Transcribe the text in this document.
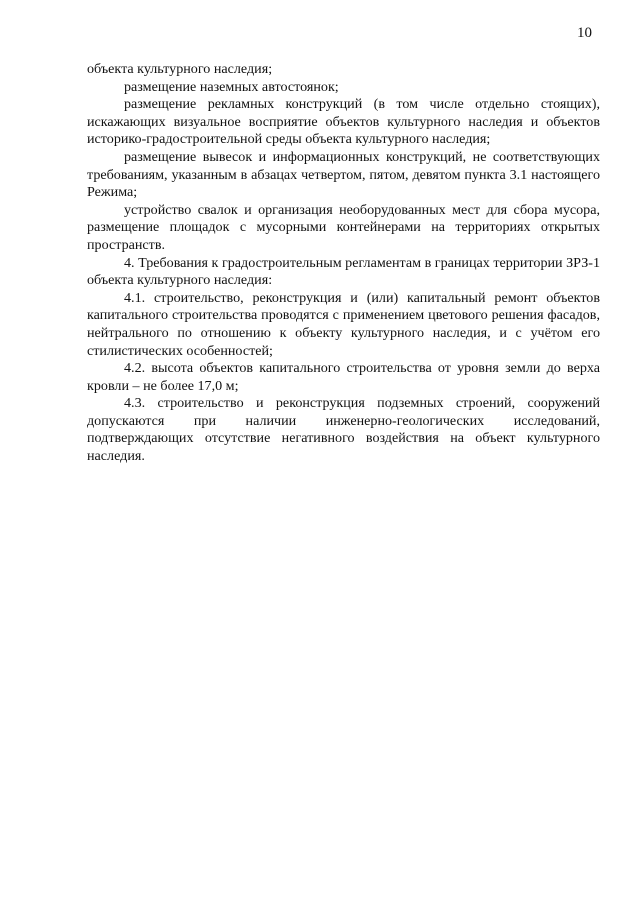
10

объекта культурного наследия;

размещение наземных автостоянок;

размещение рекламных конструкций (в том числе отдельно стоящих), искажающих визуальное восприятие объектов культурного наследия и объектов историко-градостроительной среды объекта культурного наследия;

размещение вывесок и информационных конструкций, не соответствующих требованиям, указанным в абзацах четвертом, пятом, девятом пункта 3.1 настоящего Режима;

устройство свалок и организация необорудованных мест для сбора мусора, размещение площадок с мусорными контейнерами на территориях открытых пространств.

4. Требования к градостроительным регламентам в границах территории ЗРЗ-1 объекта культурного наследия:

4.1. строительство, реконструкция и (или) капитальный ремонт объектов капитального строительства проводятся с применением цветового решения фасадов, нейтрального по отношению к объекту культурного наследия, и с учётом его стилистических особенностей;

4.2. высота объектов капитального строительства от уровня земли до верха кровли – не более 17,0 м;

4.3. строительство и реконструкция подземных строений, сооружений допускаются при наличии инженерно-геологических исследований, подтверждающих отсутствие негативного воздействия на объект культурного наследия.
